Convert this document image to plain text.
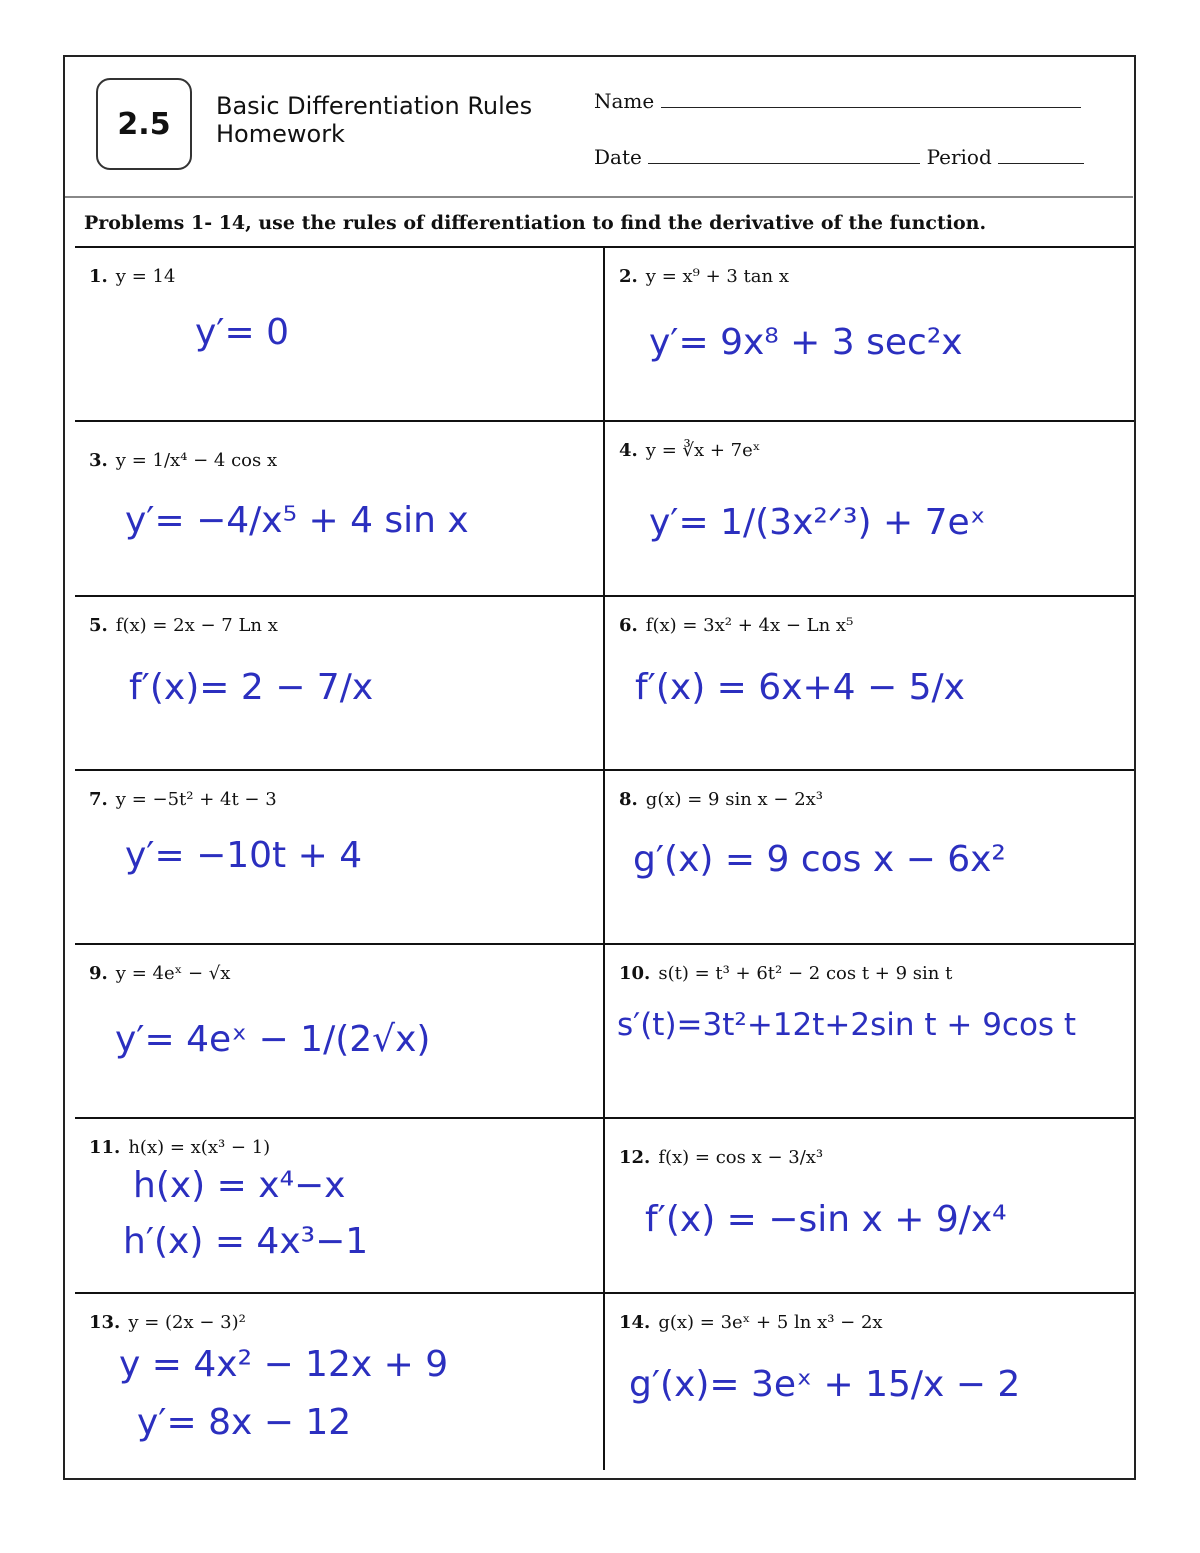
2.5
Basic Differentiation Rules
Homework
Name
Date	Period
Problems 1- 14, use the rules of differentiation to find the derivative of the function.
1. y = 14
y′= 0
2. y = x⁹ + 3 tan x
y′= 9x⁸ + 3 sec²x
3. y = 1/x⁴ − 4 cos x
y′= −4/x⁵ + 4 sin x
4. y = ∛x + 7eˣ
y′= 1/(3x²ᐟ³) + 7eˣ
5. f(x) = 2x − 7 Ln x
f′(x)= 2 − 7/x
6. f(x) = 3x² + 4x − Ln x⁵
f′(x) = 6x+4 − 5/x
7. y = −5t² + 4t − 3
y′= −10t + 4
8. g(x) = 9 sin x − 2x³
g′(x) = 9 cos x − 6x²
9. y = 4eˣ − √x
y′= 4eˣ − 1/(2√x)
10. s(t) = t³ + 6t² − 2 cos t + 9 sin t
s′(t)=3t²+12t+2sin t + 9cos t
11. h(x) = x(x³ − 1)
h(x) = x⁴−x
h′(x) = 4x³−1
12. f(x) = cos x − 3/x³
f′(x) = −sin x + 9/x⁴
13. y = (2x − 3)²
y = 4x² − 12x + 9
y′= 8x − 12
14. g(x) = 3eˣ + 5 ln x³ − 2x
g′(x)= 3eˣ + 15/x − 2
